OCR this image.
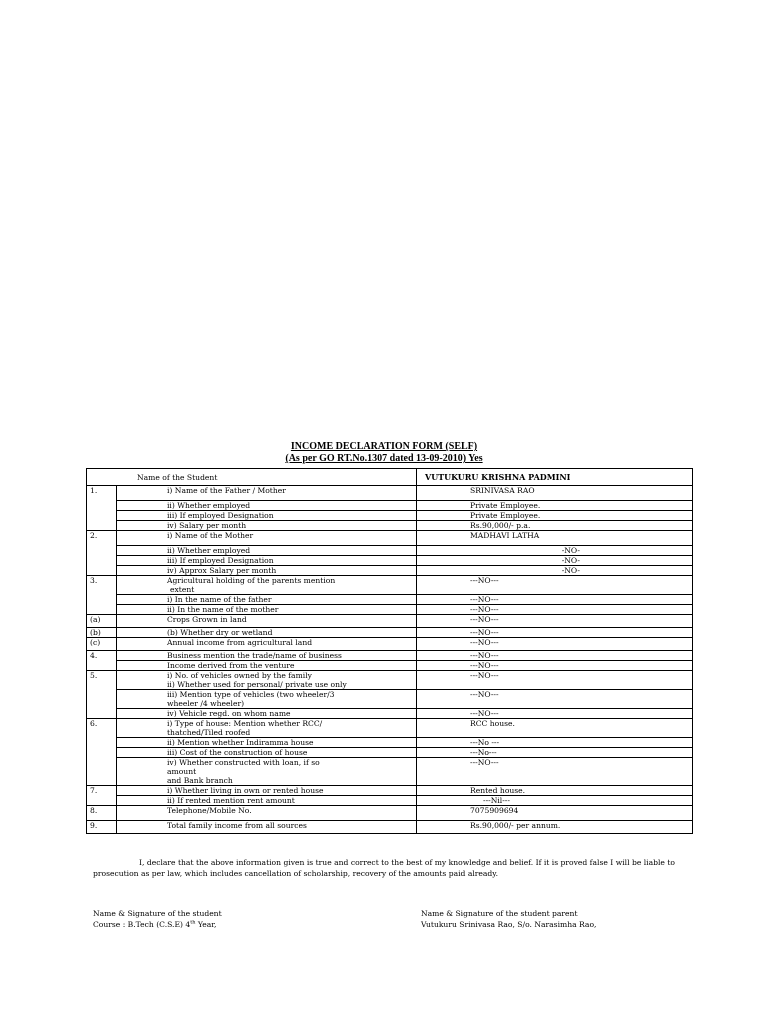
INCOME DECLARATION FORM (SELF)
(As per GO RT.No.1307 dated 13-09-2010) Yes
Name of the Student		VUTUKURU KRISHNA PADMINI
1.	i) Name of the Father / Mother	SRINIVASA RAO
	ii) Whether employed	Private Employee.
	iii) If employed Designation	Private Employee.
	iv) Salary per month	Rs.90,000/- p.a.
2.	i) Name of the Mother	MADHAVI LATHA
	ii) Whether employed	-NO-
	iii) If employed Designation	-NO-
	iv) Approx Salary per month	-NO-
3.	Agricultural holding of the parents mention
extent	---NO---
	i) In the name of the father	---NO---
	ii) In the name of the mother	---NO---
(a)	Crops Grown in land	---NO---
(b)	(b) Whether dry or wetland	---NO---
(c)	Annual income from agricultural land	---NO---
4.	Business mention the trade/name of business	---NO---
	Income derived from the venture	---NO---
5.	i) No. of vehicles owned by the family
ii) Whether used for personal/ private use only	---NO---

	iii) Mention type of vehicles (two wheeler/3
wheeler /4 wheeler)	---NO---
	iv) Vehicle regd. on whom name	---NO---
6.	i) Type of house: Mention whether RCC/
thatched/Tiled roofed	RCC house.
	ii) Mention whether Indiramma house	---No ---
	iii) Cost of the construction of house	---No---

	iv) Whether constructed with loan, if so
amount
and Bank branch	---NO---
7.	i) Whether living in own or rented house	Rented house.
	ii) If rented mention rent amount	---Nil---
8.	Telephone/Mobile No.	7075909694
9.	Total family income from all sources	Rs.90,000/- per annum.
I, declare that the above information given is true and correct to the best of my knowledge and belief. If it is proved false I will be liable to prosecution as per law, which includes cancellation of scholarship, recovery of the amounts paid already.
Name & Signature of the student
Course : B.Tech (C.S.E) 4th Year,
Name & Signature of the student parent
Vutukuru Srinivasa Rao, S/o. Narasimha Rao,
